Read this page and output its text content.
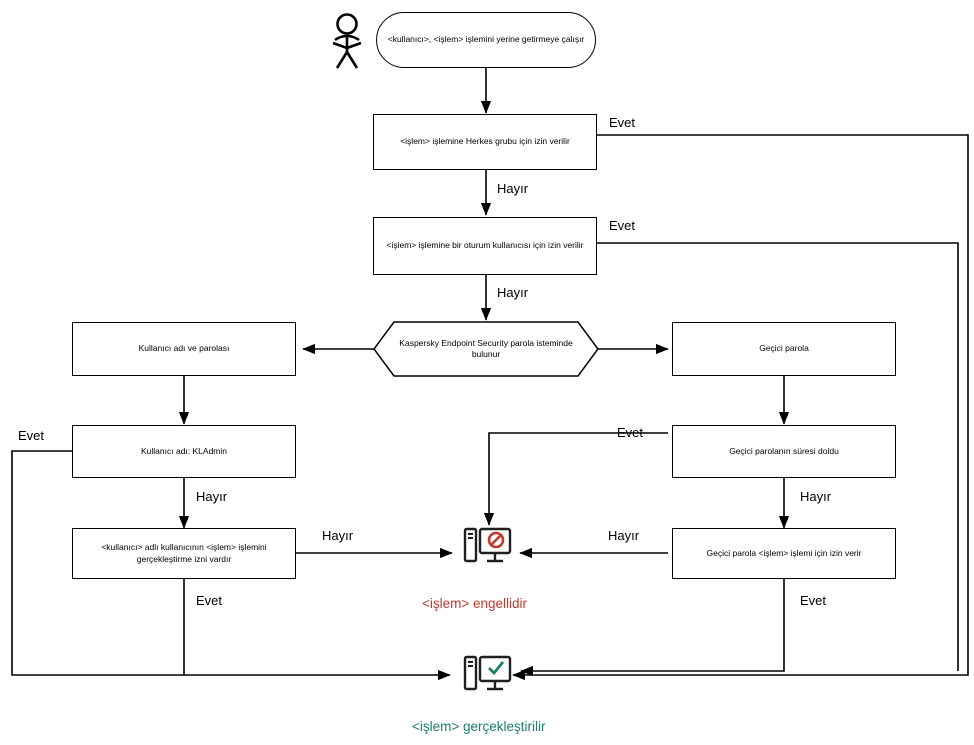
<kullanıcı>, <işlem> işlemini yerine getirmeye çalışır
<işlem> işlemine Herkes grubu için izin verilir
<işlem> işlemine bir oturum kullanıcısı için izin verilir
Kaspersky Endpoint Security parola isteminde bulunur
Kullanıcı adı ve parolası	Geçici parola
Kullanıcı adı: KLAdmin	Geçici parolanın süresi doldu
<kullanıcı> adlı kullanıcının <işlem> işlemini gerçekleştirme izni vardır
Geçici parola <işlem> işlemi için izin verir
Evet
Hayır
Evet
Hayır
Evet
Hayır
Hayır
Evet
Evet
Hayır
Hayır
Evet
<işlem> engellidir
<işlem> gerçekleştirilir
